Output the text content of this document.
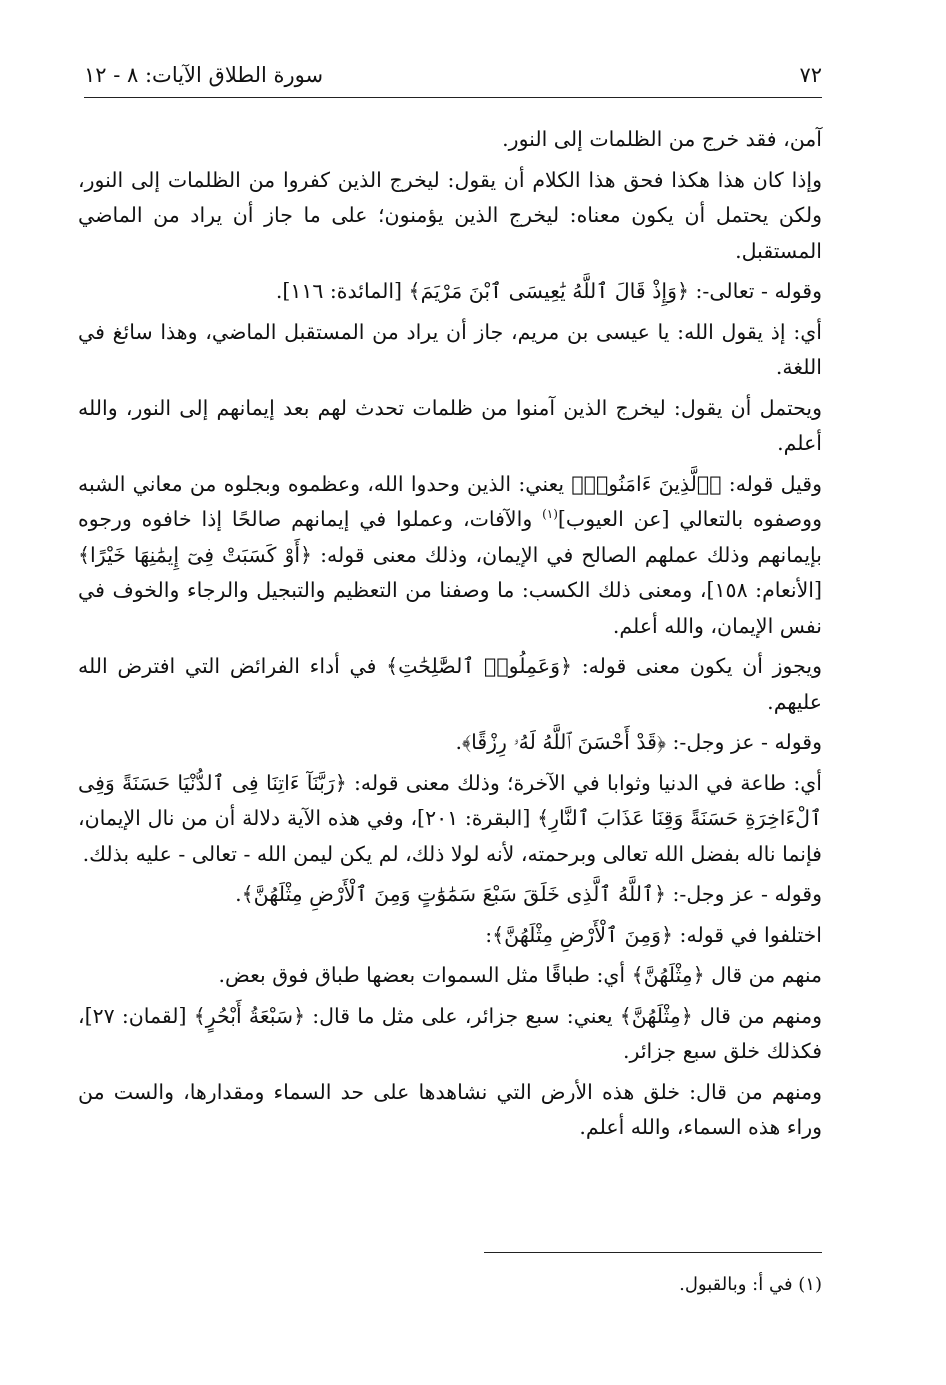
٧٢
سورة الطلاق الآيات: ٨ - ١٢

آمن، فقد خرج من الظلمات إلى النور.

وإذا كان هذا هكذا فحق هذا الكلام أن يقول: ليخرج الذين كفروا من الظلمات إلى النور، ولكن يحتمل أن يكون معناه: ليخرج الذين يؤمنون؛ على ما جاز أن يراد من الماضي المستقبل.

وقوله - تعالى-: ﴿وَإِذْ قَالَ ٱللَّهُ يَٰعِيسَى ٱبْنَ مَرْيَمَ﴾ [المائدة: ١١٦].

أي: إذ يقول الله: يا عيسى بن مريم، جاز أن يراد من المستقبل الماضي، وهذا سائغ في اللغة.

ويحتمل أن يقول: ليخرج الذين آمنوا من ظلمات تحدث لهم بعد إيمانهم إلى النور، والله أعلم.

وقيل قوله: ﴿ٱلَّذِينَ ءَامَنُوا۟﴾ يعني: الذين وحدوا الله، وعظموه وبجلوه من معاني الشبه ووصفوه بالتعالي [عن العيوب]$^{(١)}$ والآفات، وعملوا في إيمانهم صالحًا إذا خافوه ورجوه بإيمانهم وذلك عملهم الصالح في الإيمان، وذلك معنى قوله: ﴿أَوْ كَسَبَتْ فِىٓ إِيمَٰنِهَا خَيْرًا﴾ [الأنعام: ١٥٨]، ومعنى ذلك الكسب: ما وصفنا من التعظيم والتبجيل والرجاء والخوف في نفس الإيمان، والله أعلم.

ويجوز أن يكون معنى قوله: ﴿وَعَمِلُوا۟ ٱلصَّٰلِحَٰتِ﴾ في أداء الفرائض التي افترض الله عليهم.

وقوله - عز وجل-: ﴿قَدْ أَحْسَنَ ٱللَّهُ لَهُۥ رِزْقًا﴾.

أي: طاعة في الدنيا وثوابا في الآخرة؛ وذلك معنى قوله: ﴿رَبَّنَآ ءَاتِنَا فِى ٱلدُّنْيَا حَسَنَةً وَفِى ٱلْءَاخِرَةِ حَسَنَةً وَقِنَا عَذَابَ ٱلنَّارِ﴾ [البقرة: ٢٠١]، وفي هذه الآية دلالة أن من نال الإيمان، فإنما ناله بفضل الله تعالى وبرحمته، لأنه لولا ذلك، لم يكن ليمن الله - تعالى - عليه بذلك.

وقوله - عز وجل-: ﴿ٱللَّهُ ٱلَّذِى خَلَقَ سَبْعَ سَمَٰوَٰتٍ وَمِنَ ٱلْأَرْضِ مِثْلَهُنَّ﴾.

اختلفوا في قوله: ﴿وَمِنَ ٱلْأَرْضِ مِثْلَهُنَّ﴾:

منهم من قال ﴿مِثْلَهُنَّ﴾ أي: طباقًا مثل السموات بعضها طباق فوق بعض.

ومنهم من قال ﴿مِثْلَهُنَّ﴾ يعني: سبع جزائر، على مثل ما قال: ﴿سَبْعَةُ أَبْحُرٍ﴾ [لقمان: ٢٧]، فكذلك خلق سبع جزائر.

ومنهم من قال: خلق هذه الأرض التي نشاهدها على حد السماء ومقدارها، والست من وراء هذه السماء، والله أعلم.

(١) في أ: وبالقبول.
